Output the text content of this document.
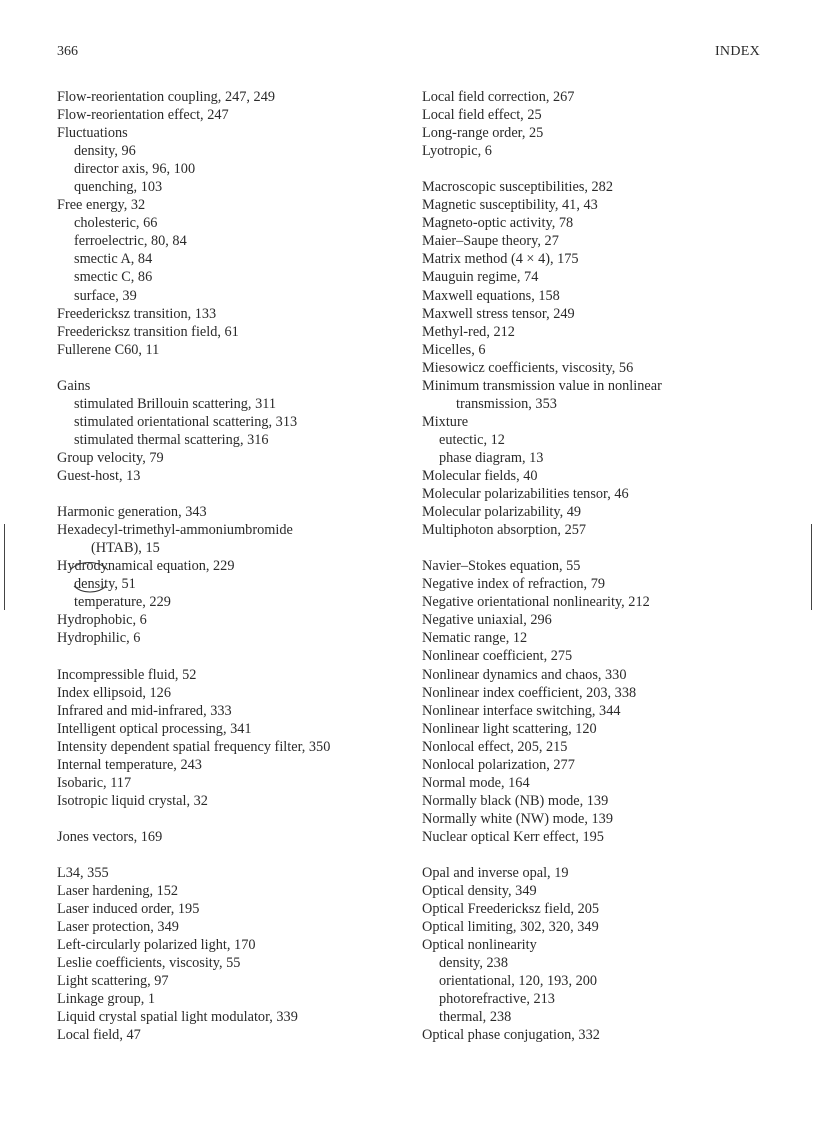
366	INDEX
Flow-reorientation coupling, 247, 249
Flow-reorientation effect, 247
Fluctuations
density, 96
director axis, 96, 100
quenching, 103
Free energy, 32
cholesteric, 66
ferroelectric, 80, 84
smectic A, 84
smectic C, 86
surface, 39
Freedericksz transition, 133
Freedericksz transition field, 61
Fullerene C60, 11
Gains
stimulated Brillouin scattering, 311
stimulated orientational scattering, 313
stimulated thermal scattering, 316
Group velocity, 79
Guest-host, 13
Harmonic generation, 343
Hexadecyl-trimethyl-ammoniumbromide
(HTAB), 15
Hydrodynamical equation, 229
density, 51
temperature, 229
Hydrophobic, 6
Hydrophilic, 6
Incompressible fluid, 52
Index ellipsoid, 126
Infrared and mid-infrared, 333
Intelligent optical processing, 341
Intensity dependent spatial frequency filter, 350
Internal temperature, 243
Isobaric, 117
Isotropic liquid crystal, 32
Jones vectors, 169
L34, 355
Laser hardening, 152
Laser induced order, 195
Laser protection, 349
Left-circularly polarized light, 170
Leslie coefficients, viscosity, 55
Light scattering, 97
Linkage group, 1
Liquid crystal spatial light modulator, 339
Local field, 47
Local field correction, 267
Local field effect, 25
Long-range order, 25
Lyotropic, 6
Macroscopic susceptibilities, 282
Magnetic susceptibility, 41, 43
Magneto-optic activity, 78
Maier–Saupe theory, 27
Matrix method (4 × 4), 175
Mauguin regime, 74
Maxwell equations, 158
Maxwell stress tensor, 249
Methyl-red, 212
Micelles, 6
Miesowicz coefficients, viscosity, 56
Minimum transmission value in nonlinear
transmission, 353
Mixture
eutectic, 12
phase diagram, 13
Molecular fields, 40
Molecular polarizabilities tensor, 46
Molecular polarizability, 49
Multiphoton absorption, 257
Navier–Stokes equation, 55
Negative index of refraction, 79
Negative orientational nonlinearity, 212
Negative uniaxial, 296
Nematic range, 12
Nonlinear coefficient, 275
Nonlinear dynamics and chaos, 330
Nonlinear index coefficient, 203, 338
Nonlinear interface switching, 344
Nonlinear light scattering, 120
Nonlocal effect, 205, 215
Nonlocal polarization, 277
Normal mode, 164
Normally black (NB) mode, 139
Normally white (NW) mode, 139
Nuclear optical Kerr effect, 195
Opal and inverse opal, 19
Optical density, 349
Optical Freedericksz field, 205
Optical limiting, 302, 320, 349
Optical nonlinearity
density, 238
orientational, 120, 193, 200
photorefractive, 213
thermal, 238
Optical phase conjugation, 332
